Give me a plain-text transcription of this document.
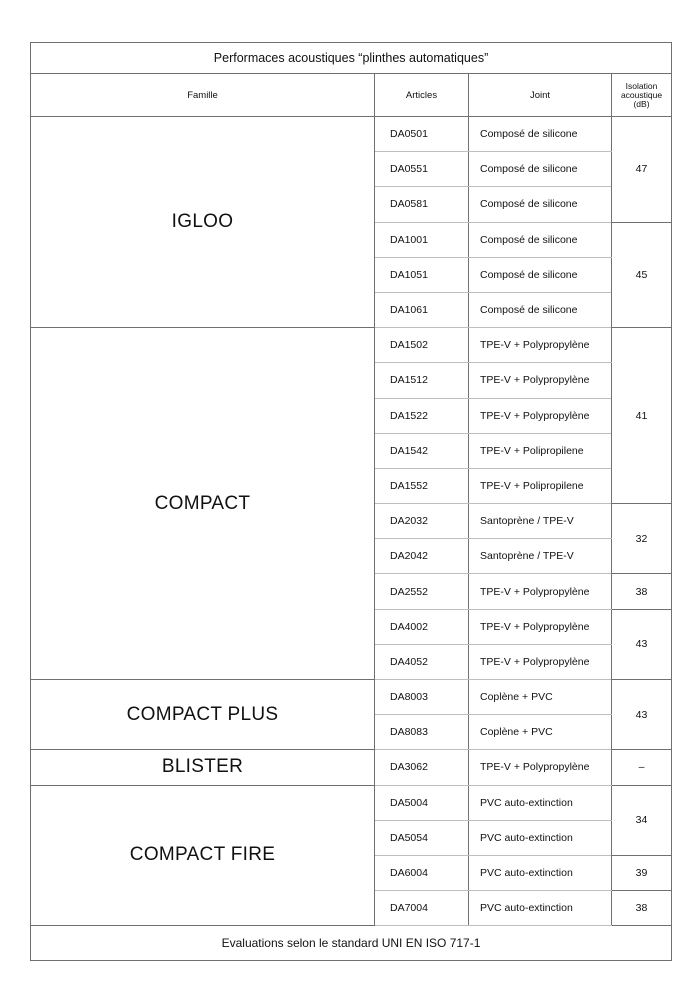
Performaces acoustiques “plinthes automatiques”			
Famille	Articles	Joint	Isolation acoustique (dB)
IGLOO	DA0501	Composé de silicone	47
	DA0551	Composé de silicone	
	DA0581	Composé de silicone	
	DA1001	Composé de silicone	45
	DA1051	Composé de silicone	
	DA1061	Composé de silicone	
COMPACT	DA1502	TPE-V + Polypropylène	41
	DA1512	TPE-V + Polypropylène	
	DA1522	TPE-V + Polypropylène	
	DA1542	TPE-V + Polipropilene	
	DA1552	TPE-V + Polipropilene	
	DA2032	Santoprène / TPE-V	32
	DA2042	Santoprène / TPE-V	
	DA2552	TPE-V + Polypropylène	38
	DA4002	TPE-V + Polypropylène	43
	DA4052	TPE-V + Polypropylène	
COMPACT PLUS	DA8003	Coplène + PVC	43
	DA8083	Coplène + PVC	
BLISTER	DA3062	TPE-V + Polypropylène	–
COMPACT FIRE	DA5004	PVC auto-extinction	34
	DA5054	PVC auto-extinction	
	DA6004	PVC auto-extinction	39
	DA7004	PVC auto-extinction	38
Evaluations selon le standard UNI EN ISO 717-1			
